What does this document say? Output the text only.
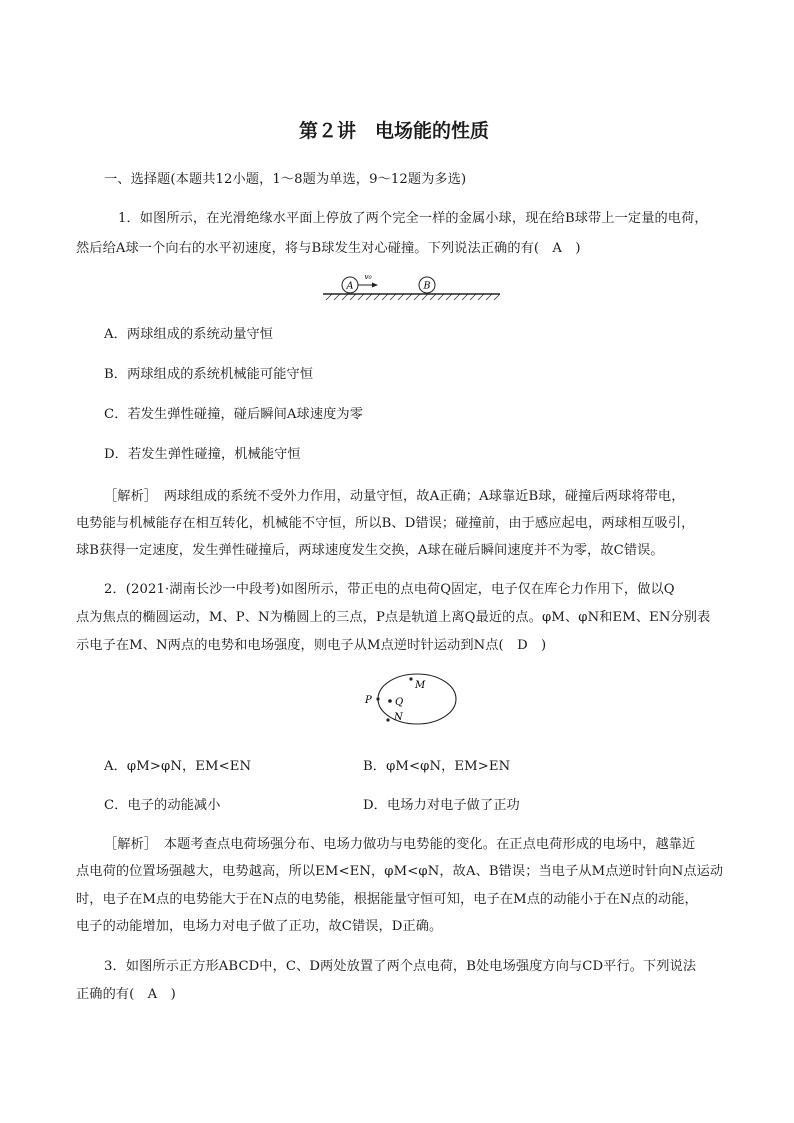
第２讲　电场能的性质
一、选择题(本题共12小题，1～8题为单选，9～12题为多选)
1．如图所示，在光滑绝缘水平面上停放了两个完全一样的金属小球，现在给B球带上一定量的电荷，
然后给A球一个向右的水平初速度，将与B球发生对心碰撞。下列说法正确的有(　A　)
A
v₀
B
A．两球组成的系统动量守恒
B．两球组成的系统机械能可能守恒
C．若发生弹性碰撞，碰后瞬间A球速度为零
D．若发生弹性碰撞，机械能守恒
［解析］　两球组成的系统不受外力作用，动量守恒，故A正确；A球靠近B球，碰撞后两球将带电，
电势能与机械能存在相互转化，机械能不守恒，所以B、D错误；碰撞前，由于感应起电，两球相互吸引，
球B获得一定速度，发生弹性碰撞后，两球速度发生交换，A球在碰后瞬间速度并不为零，故C错误。
2．(2021·湖南长沙一中段考)如图所示，带正电的点电荷Q固定，电子仅在库仑力作用下，做以Q
点为焦点的椭圆运动，M、P、N为椭圆上的三点，P点是轨道上离Q最近的点。φM、φN和EM、EN分别表
示电子在M、N两点的电势和电场强度，则电子从M点逆时针运动到N点(　D　)
P Q
M
N
A．φM>φN，EM<EN	B．φM<φN，EM>EN
C．电子的动能减小	D．电场力对电子做了正功
［解析］　本题考查点电荷场强分布、电场力做功与电势能的变化。在正点电荷形成的电场中，越靠近
点电荷的位置场强越大，电势越高，所以EM<EN，φM<φN，故A、B错误；当电子从M点逆时针向N点运动
时，电子在M点的电势能大于在N点的电势能，根据能量守恒可知，电子在M点的动能小于在N点的动能，
电子的动能增加，电场力对电子做了正功，故C错误，D正确。
3．如图所示正方形ABCD中，C、D两处放置了两个点电荷，B处电场强度方向与CD平行。下列说法
正确的有(　A　)
